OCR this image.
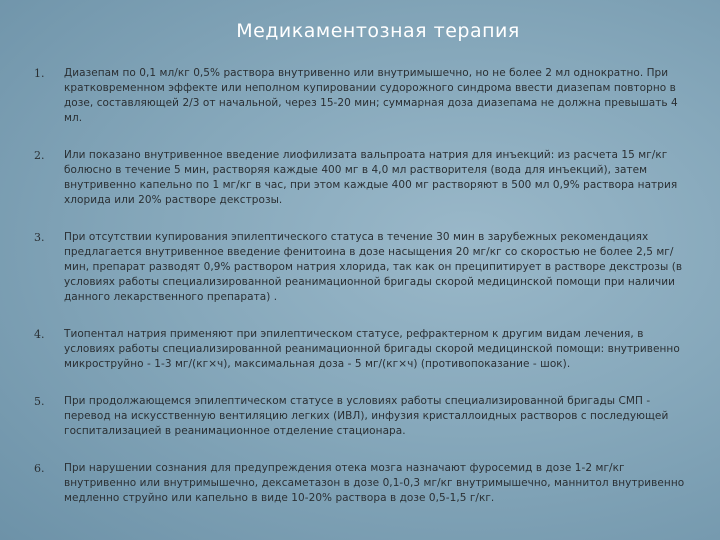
Медикаментозная терапия
1.	Диазепам по 0,1 мл/кг 0,5% раствора внутривенно или внутримышечно, но не более 2 мл однократно. При кратковременном эффекте или неполном купировании судорожного синдрома ввести диазепам повторно в дозе, составляющей 2/3 от начальной, через 15-20 мин; суммарная доза диазепама не должна превышать 4 мл.
2.	Или показано внутривенное введение лиофилизата вальпроата натрия для инъекций: из расчета 15 мг/кг болюсно в течение 5 мин, растворяя каждые 400 мг в 4,0 мл растворителя (вода для инъекций), затем внутривенно капельно по 1 мг/кг в час, при этом каждые 400 мг растворяют в 500 мл 0,9% раствора натрия хлорида или 20% растворе декстрозы.
3.	При отсутствии купирования эпилептического статуса в течение 30 мин в зарубежных рекомендациях предлагается внутривенное введение фенитоина в дозе насыщения 20 мг/кг со скоростью не более 2,5 мг/мин, препарат разводят 0,9% раствором натрия хлорида, так как он преципитирует в растворе декстрозы (в условиях работы специализированной реанимационной бригады скорой медицинской помощи при наличии данного лекарственного препарата) .
4.	Тиопентал натрия применяют при эпилептическом статусе, рефрактерном к другим видам лечения, в условиях работы специализированной реанимационной бригады скорой медицинской помощи: внутривенно микроструйно - 1-3 мг/(кг×ч), максимальная доза - 5 мг/(кг×ч) (противопоказание - шок).
5.	При продолжающемся эпилептическом статусе в условиях работы специализированной бригады СМП - перевод на искусственную вентиляцию легких (ИВЛ), инфузия кристаллоидных растворов с последующей госпитализацией в реанимационное отделение стационара.
6.	При нарушении сознания для предупреждения отека мозга назначают фуросемид в дозе 1-2 мг/кг внутривенно или внутримышечно, дексаметазон в дозе 0,1-0,3 мг/кг внутримышечно, маннитол внутривенно медленно струйно или капельно в виде 10-20% раствора в дозе 0,5-1,5 г/кг.
